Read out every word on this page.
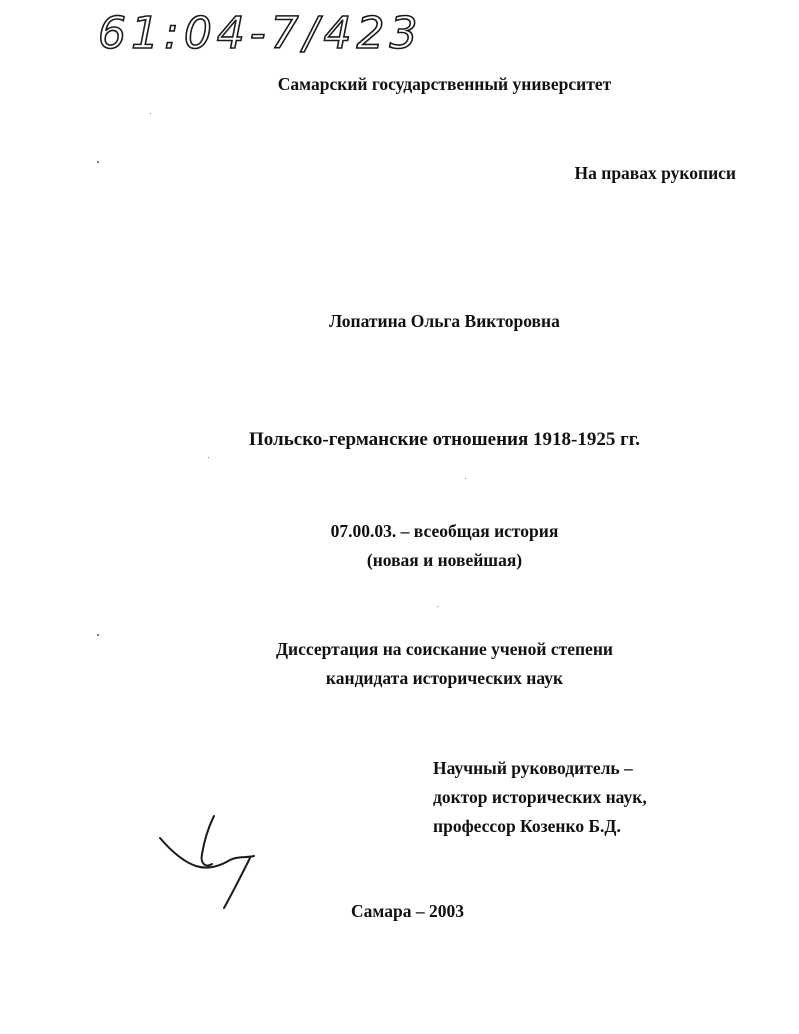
61:04-7/423
Самарский государственный университет
На правах рукописи
Лопатина Ольга Викторовна
Польско-германские отношения 1918-1925 гг.
07.00.03. – всеобщая история
(новая и новейшая)
Диссертация на соискание ученой степени
кандидата исторических наук
Научный руководитель –
доктор исторических наук,
профессор Козенко Б.Д.
Самара – 2003
